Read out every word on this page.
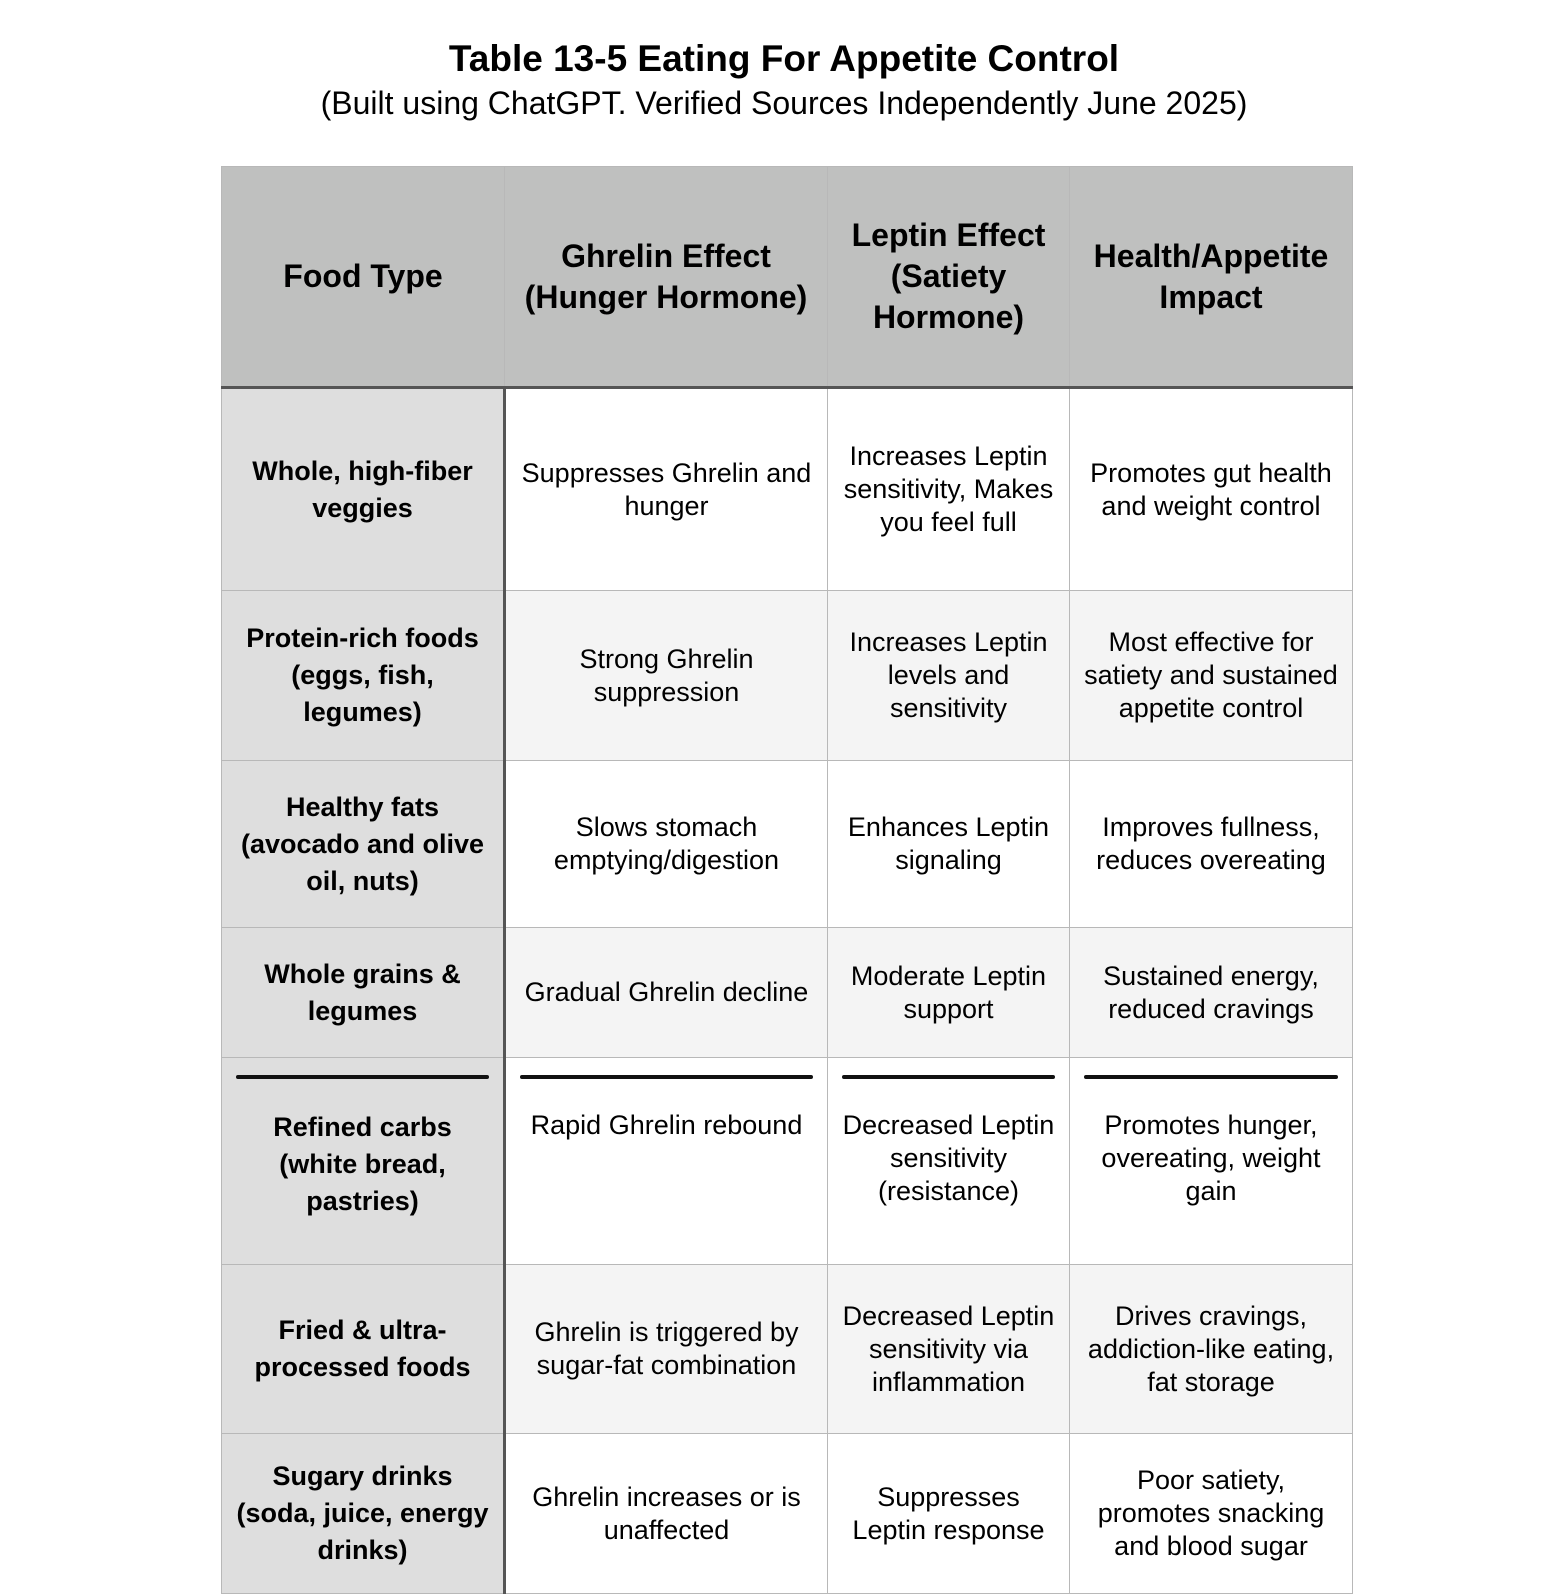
Table 13-5 Eating For Appetite Control
(Built using ChatGPT. Verified Sources Independently June 2025)
Food Type	Ghrelin Effect (Hunger Hormone)	Leptin Effect (Satiety Hormone)	Health/Appetite Impact
Whole, high-fiber veggies	Suppresses Ghrelin and hunger	Increases Leptin sensitivity, Makes you feel full	Promotes gut health and weight control
Protein-rich foods (eggs, fish, legumes)	Strong Ghrelin suppression	Increases Leptin levels and sensitivity	Most effective for satiety and sustained appetite control
Healthy fats (avocado and olive oil, nuts)	Slows stomach emptying/digestion	Enhances Leptin signaling	Improves fullness, reduces overeating
Whole grains & legumes	Gradual Ghrelin decline	Moderate Leptin support	Sustained energy, reduced cravings

Refined carbs (white bread, pastries)	Rapid Ghrelin rebound	Decreased Leptin sensitivity (resistance)	Promotes hunger, overeating, weight gain
Fried & ultra-processed foods	Ghrelin is triggered by sugar-fat combination	Decreased Leptin sensitivity via inflammation	Drives cravings, addiction-like eating, fat storage
Sugary drinks (soda, juice, energy drinks)	Ghrelin increases or is unaffected	Suppresses Leptin response	Poor satiety, promotes snacking and blood sugar
